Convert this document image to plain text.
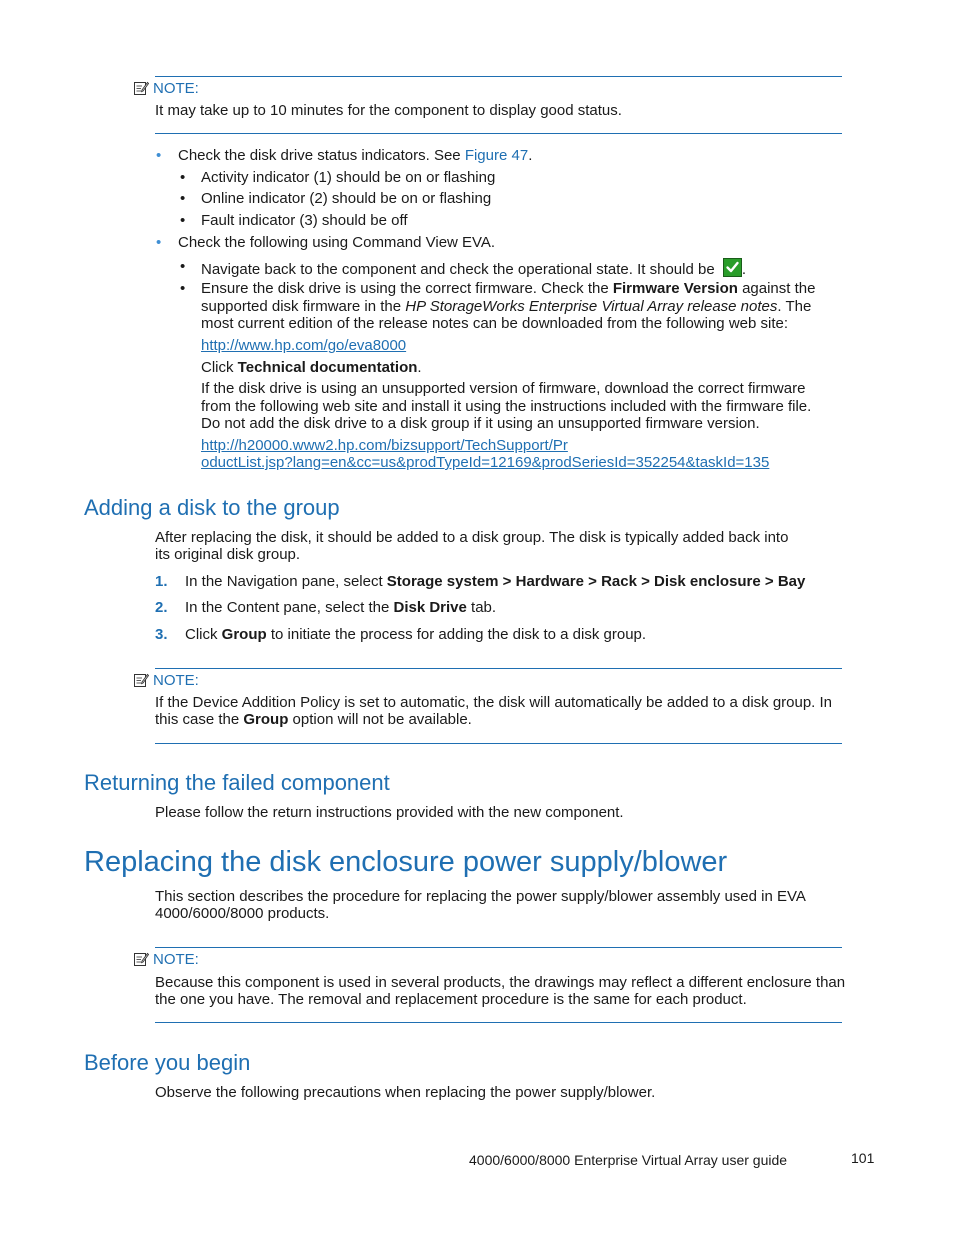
NOTE:
It may take up to 10 minutes for the component to display good status.
• Check the disk drive status indicators. See Figure 47.
• Activity indicator (1) should be on or flashing
• Online indicator (2) should be on or flashing
• Fault indicator (3) should be off
• Check the following using Command View EVA.
• Navigate back to the component and check the operational state. It should be
.
• Ensure the disk drive is using the correct firmware. Check the Firmware Version against the
supported disk firmware in the HP StorageWorks Enterprise Virtual Array release notes. The
most current edition of the release notes can be downloaded from the following web site:
http://www.hp.com/go/eva8000
Click Technical documentation.
If the disk drive is using an unsupported version of firmware, download the correct firmware
from the following web site and install it using the instructions included with the firmware file.
Do not add the disk drive to a disk group if it using an unsupported firmware version.
http://h20000.www2.hp.com/bizsupport/TechSupport/Pr
oductList.jsp?lang=en&cc=us&prodTypeId=12169&prodSeriesId=352254&taskId=135
Adding a disk to the group
After replacing the disk, it should be added to a disk group. The disk is typically added back into
its original disk group.
1. In the Navigation pane, select Storage system > Hardware > Rack > Disk enclosure > Bay
2. In the Content pane, select the Disk Drive tab.
3. Click Group to initiate the process for adding the disk to a disk group.
NOTE:
If the Device Addition Policy is set to automatic, the disk will automatically be added to a disk group. In
this case the Group option will not be available.
Returning the failed component
Please follow the return instructions provided with the new component.
Replacing the disk enclosure power supply/blower
This section describes the procedure for replacing the power supply/blower assembly used in EVA
4000/6000/8000 products.
NOTE:
Because this component is used in several products, the drawings may reflect a different enclosure than
the one you have. The removal and replacement procedure is the same for each product.
Before you begin
Observe the following precautions when replacing the power supply/blower.
4000/6000/8000 Enterprise Virtual Array user guide	101
